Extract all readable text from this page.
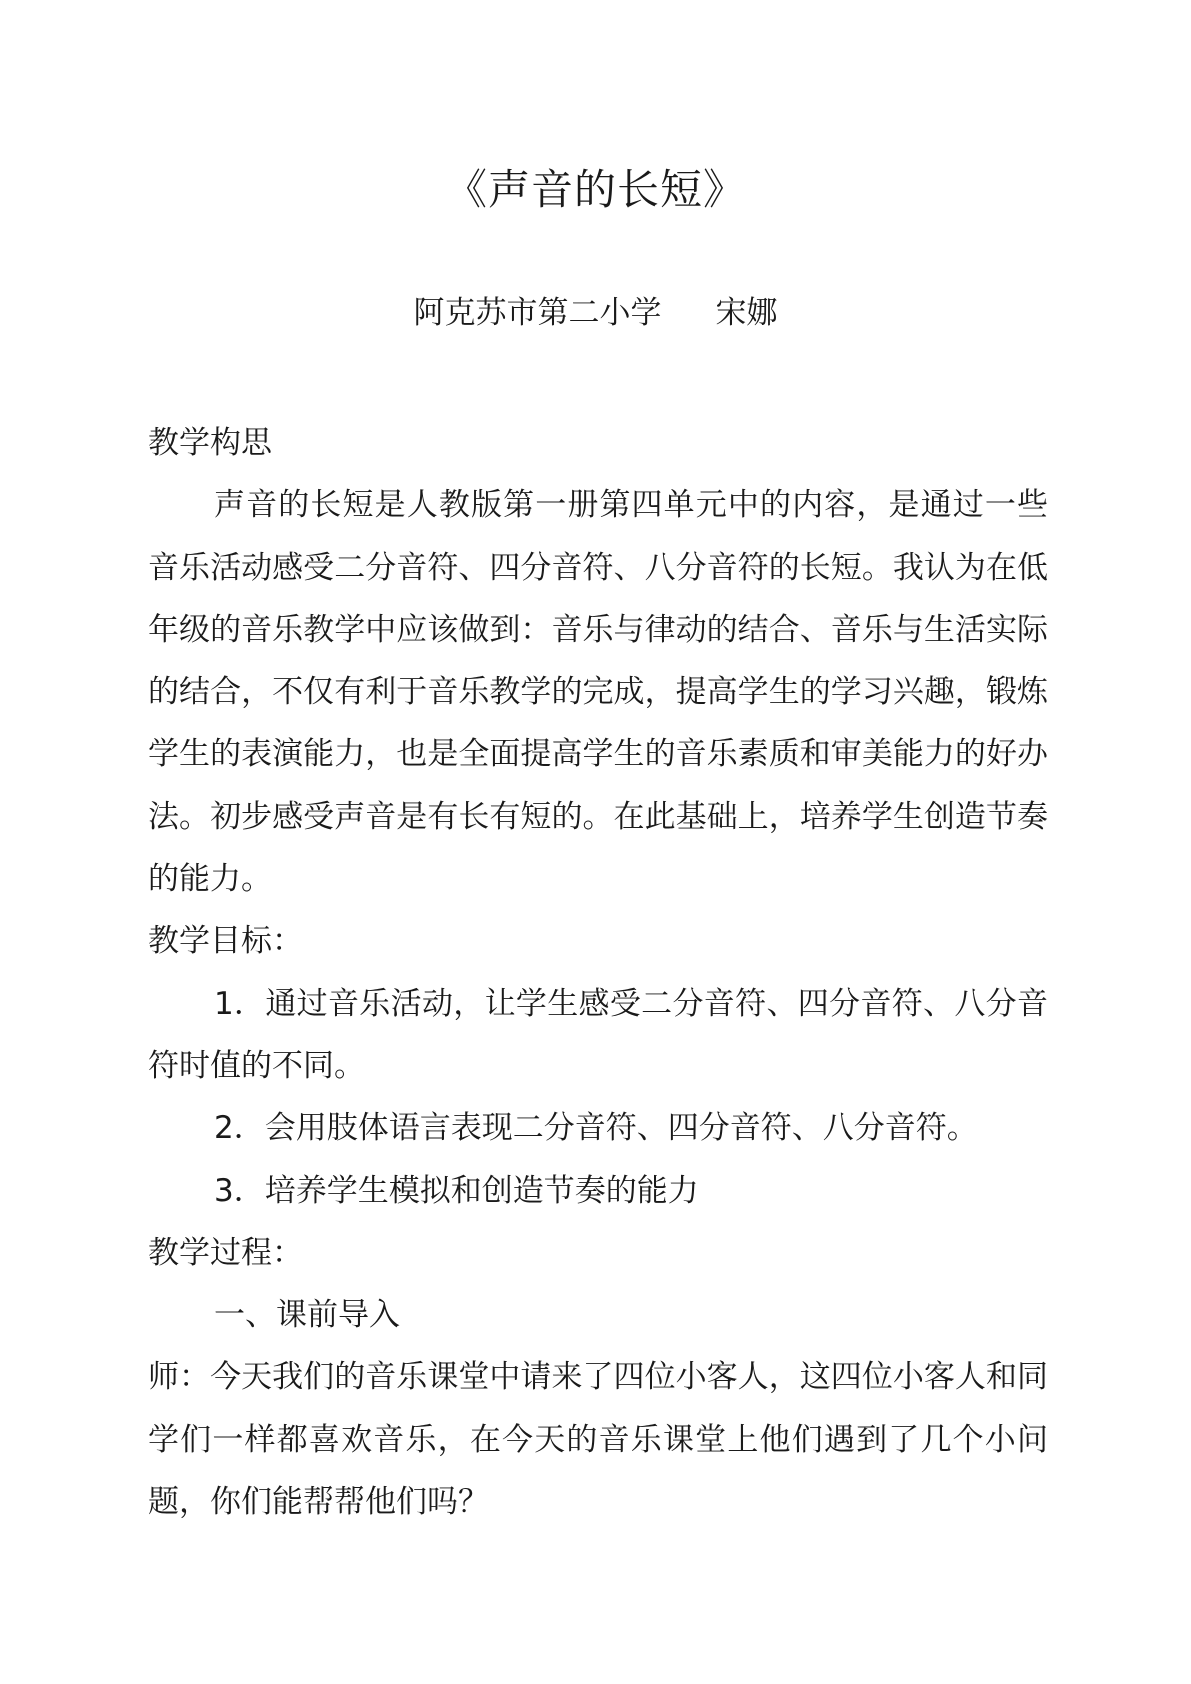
《声音的长短》
阿克苏市第二小学 宋娜

教学构思

声音的长短是人教版第一册第四单元中的内容，是通过一些音乐活动感受二分音符、四分音符、八分音符的长短。我认为在低年级的音乐教学中应该做到：音乐与律动的结合、音乐与生活实际的结合，不仅有利于音乐教学的完成，提高学生的学习兴趣，锻炼学生的表演能力，也是全面提高学生的音乐素质和审美能力的好办法。初步感受声音是有长有短的。在此基础上，培养学生创造节奏的能力。

教学目标：

1．通过音乐活动，让学生感受二分音符、四分音符、八分音符时值的不同。

2．会用肢体语言表现二分音符、四分音符、八分音符。

3．培养学生模拟和创造节奏的能力

教学过程：

一、课前导入

师：今天我们的音乐课堂中请来了四位小客人，这四位小客人和同学们一样都喜欢音乐，在今天的音乐课堂上他们遇到了几个小问题，你们能帮帮他们吗？
